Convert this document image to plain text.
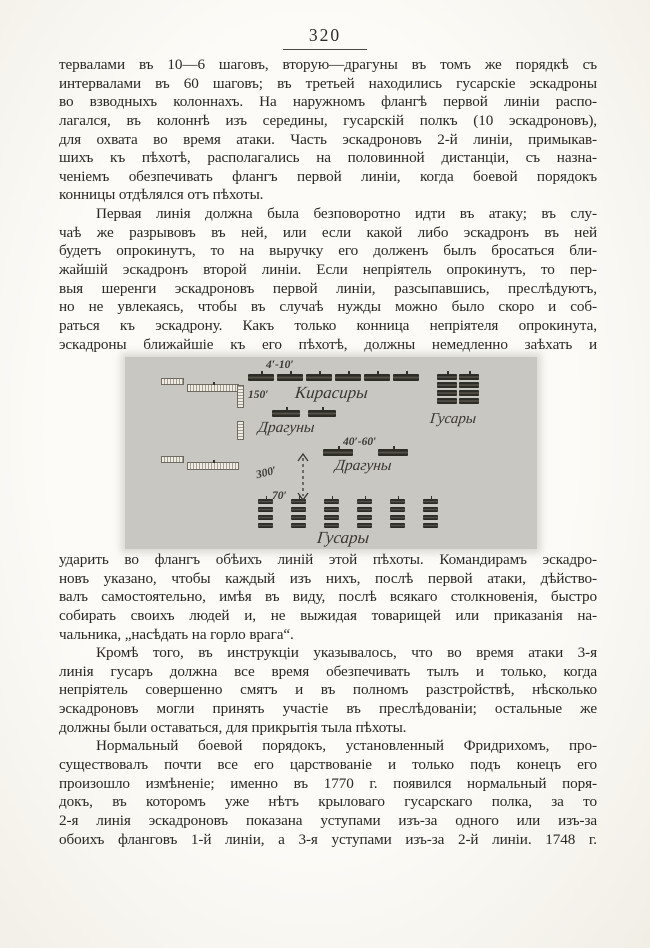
320
тервалами въ 10—6 шаговъ, вторую—драгуны въ томъ же порядкѣ съ
интервалами въ 60 шаговъ; въ третьей находились гусарскіе эскадроны
во взводныхъ колоннахъ. На наружномъ флангѣ первой линіи распо-
лагался, въ колоннѣ изъ середины, гусарскій полкъ (10 эскадроновъ),
для охвата во время атаки. Часть эскадроновъ 2-й линіи, примыкав-
шихъ къ пѣхотѣ, располагались на половинной дистанціи, съ назна-
ченіемъ обезпечивать флангъ первой линіи, когда боевой порядокъ
конницы отдѣлялся отъ пѣхоты.
Первая линія должна была безповоротно идти въ атаку; въ слу-
чаѣ же разрывовъ въ ней, или если какой либо эскадронъ въ ней
будетъ опрокинутъ, то на выручку его долженъ былъ бросаться бли-
жайшій эскадронъ второй линіи. Если непріятель опрокинутъ, то пер-
выя шеренги эскадроновъ первой линіи, разсыпавшись, преслѣдуютъ,
но не увлекаясь, чтобы въ случаѣ нужды можно было скоро и соб-
раться къ эскадрону. Какъ только конница непріятеля опрокинута,
эскадроны ближайшіе къ его пѣхотѣ, должны немедленно заѣхать и
4′-10′
Кирасиры
150′
Драгуны	Гусары
40′-60′
Драгуны
300′
70′
Гусары
ударить во флангъ обѣихъ линій этой пѣхоты. Командирамъ эскадро-
новъ указано, чтобы каждый изъ нихъ, послѣ первой атаки, дѣйство-
валъ самостоятельно, имѣя въ виду, послѣ всякаго столкновенія, быстро
собирать своихъ людей и, не выжидая товарищей или приказанія на-
чальника, „насѣдать на горло врага“.
Кромѣ того, въ инструкціи указывалось, что во время атаки 3-я
линія гусаръ должна все время обезпечивать тылъ и только, когда
непріятель совершенно смятъ и въ полномъ разстройствѣ, нѣсколько
эскадроновъ могли принять участіе въ преслѣдованіи; остальные же
должны были оставаться, для прикрытія тыла пѣхоты.
Нормальный боевой порядокъ, установленный Фридрихомъ, про-
существовалъ почти все его царствованіе и только подъ конецъ его
произошло измѣненіе; именно въ 1770 г. появился нормальный поря-
докъ, въ которомъ уже нѣтъ крыловаго гусарскаго полка, за то
2-я линія эскадроновъ показана уступами изъ-за одного или изъ-за
обоихъ фланговъ 1-й линіи, а 3-я уступами изъ-за 2-й линіи. 1748 г.
